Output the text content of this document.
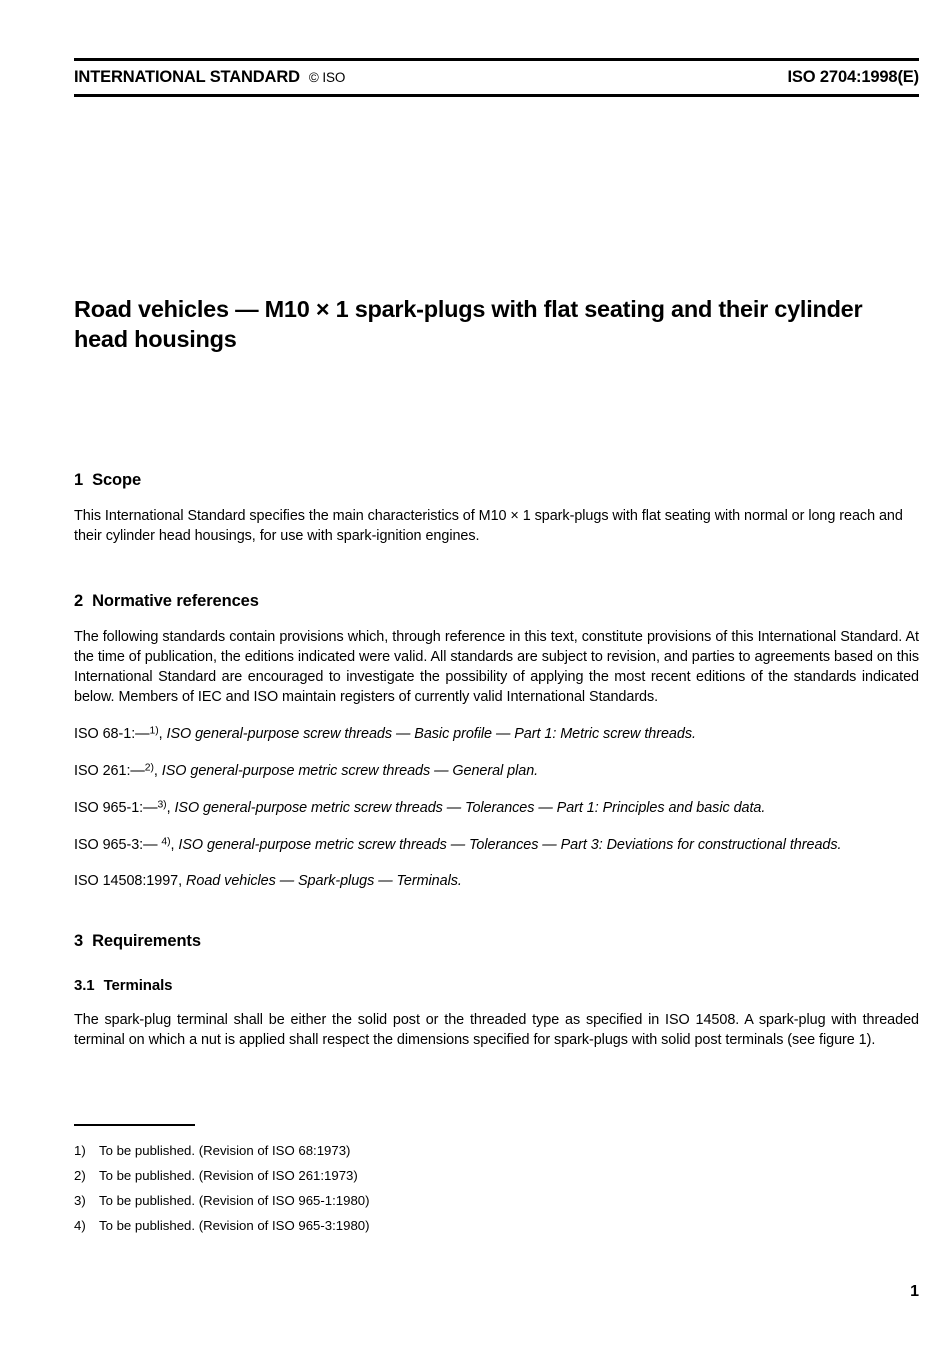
INTERNATIONAL STANDARD © ISO	ISO 2704:1998(E)
Road vehicles — M10 × 1 spark-plugs with flat seating and their cylinder head housings
1 Scope

This International Standard specifies the main characteristics of M10 × 1 spark-plugs with flat seating with normal or long reach and their cylinder head housings, for use with spark-ignition engines.

2 Normative references

The following standards contain provisions which, through reference in this text, constitute provisions of this International Standard. At the time of publication, the editions indicated were valid. All standards are subject to revision, and parties to agreements based on this International Standard are encouraged to investigate the possibility of applying the most recent editions of the standards indicated below. Members of IEC and ISO maintain registers of currently valid International Standards.

ISO 68-1:—$^{1)}$, ISO general-purpose screw threads — Basic profile — Part 1: Metric screw threads.

ISO 261:—$^{2)}$, ISO general-purpose metric screw threads — General plan.

ISO 965-1:—$^{3)}$, ISO general-purpose metric screw threads — Tolerances — Part 1: Principles and basic data.

ISO 965-3:— $^{4)}$, ISO general-purpose metric screw threads — Tolerances — Part 3: Deviations for constructional threads.

ISO 14508:1997, Road vehicles — Spark-plugs — Terminals.

3 Requirements
3.1 Terminals

The spark-plug terminal shall be either the solid post or the threaded type as specified in ISO 14508. A spark-plug with threaded terminal on which a nut is applied shall respect the dimensions specified for spark-plugs with solid post terminals (see figure 1).

1) To be published. (Revision of ISO 68:1973)
2) To be published. (Revision of ISO 261:1973)
3) To be published. (Revision of ISO 965-1:1980)
4) To be published. (Revision of ISO 965-3:1980)
1
